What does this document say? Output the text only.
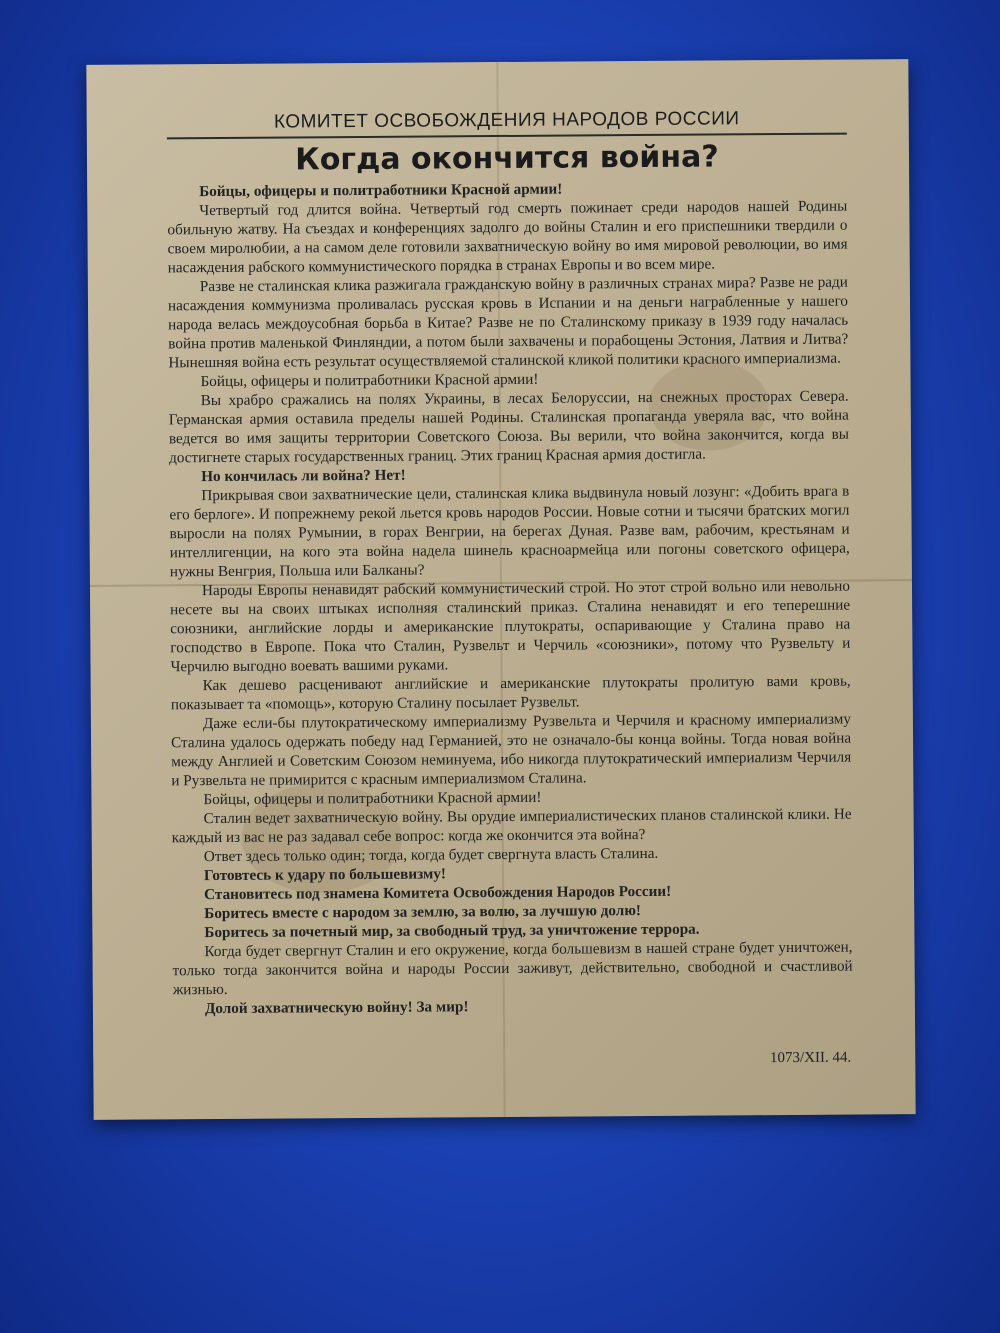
КОМИТЕТ ОСВОБОЖДЕНИЯ НАРОДОВ РОССИИ
Когда окончится война?

Бойцы, офицеры и политработники Красной армии!

Четвертый год длится война. Четвертый год смерть пожинает среди народов нашей Родины обильную жатву. На съездах и конференциях задолго до войны Сталин и его приспешники твердили о своем миролюбии, а на самом деле готовили захватническую войну во имя мировой революции, во имя насаждения рабского коммунистического порядка в странах Европы и во всем мире.

Разве не сталинская клика разжигала гражданскую войну в различных странах мира? Разве не ради насаждения коммунизма проливалась русская кровь в Испании и на деньги награбленные у нашего народа велась междоусобная борьба в Китае? Разве не по Сталинскому приказу в 1939 году началась война против маленькой Финляндии, а потом были захвачены и порабощены Эстония, Латвия и Литва? Нынешняя война есть результат осуществляемой сталинской кликой политики красного империализма.

Бойцы, офицеры и политработники Красной армии!

Вы храбро сражались на полях Украины, в лесах Белоруссии, на снежных просторах Севера. Германская армия оставила пределы нашей Родины. Сталинская пропаганда уверяла вас, что война ведется во имя защиты территории Советского Союза. Вы верили, что война закончится, когда вы достигнете старых государственных границ. Этих границ Красная армия достигла.

Но кончилась ли война? Нет!

Прикрывая свои захватнические цели, сталинская клика выдвинула новый лозунг: «Добить врага в его берлоге». И попрежнему рекой льется кровь народов России. Новые сотни и тысячи братских могил выросли на полях Румынии, в горах Венгрии, на берегах Дуная. Разве вам, рабочим, крестьянам и интеллигенции, на кого эта война надела шинель красноармейца или погоны советского офицера, нужны Венгрия, Польша или Балканы?

Народы Европы ненавидят рабский коммунистический строй. Но этот строй вольно или невольно несете вы на своих штыках исполняя сталинский приказ. Сталина ненавидят и его теперешние союзники, английские лорды и американские плутократы, оспаривающие у Сталина право на господство в Европе. Пока что Сталин, Рузвельт и Черчиль «союзники», потому что Рузвельту и Черчилю выгодно воевать вашими руками.

Как дешево расценивают английские и американские плутократы пролитую вами кровь, показывает та «помощь», которую Сталину посылает Рузвельт.

Даже если-бы плутократическому империализму Рузвельта и Черчиля и красному империализму Сталина удалось одержать победу над Германией, это не означало-бы конца войны. Тогда новая война между Англией и Советским Союзом неминуема, ибо никогда плутократический империализм Черчиля и Рузвельта не примирится с красным империализмом Сталина.

Бойцы, офицеры и политработники Красной армии!

Сталин ведет захватническую войну. Вы орудие империалистических планов сталинской клики. Не каждый из вас не раз задавал себе вопрос: когда же окончится эта война?

Ответ здесь только один; тогда, когда будет свергнута власть Сталина.

Готовтесь к удару по большевизму!

Становитесь под знамена Комитета Освобождения Народов России!

Боритесь вместе с народом за землю, за волю, за лучшую долю!

Боритесь за почетный мир, за свободный труд, за уничтожение террора.

Когда будет свергнут Сталин и его окружение, когда большевизм в нашей стране будет уничтожен, только тогда закончится война и народы России заживут, действительно, свободной и счастливой жизнью.

Долой захватническую войну! За мир!

1073/XII. 44.
